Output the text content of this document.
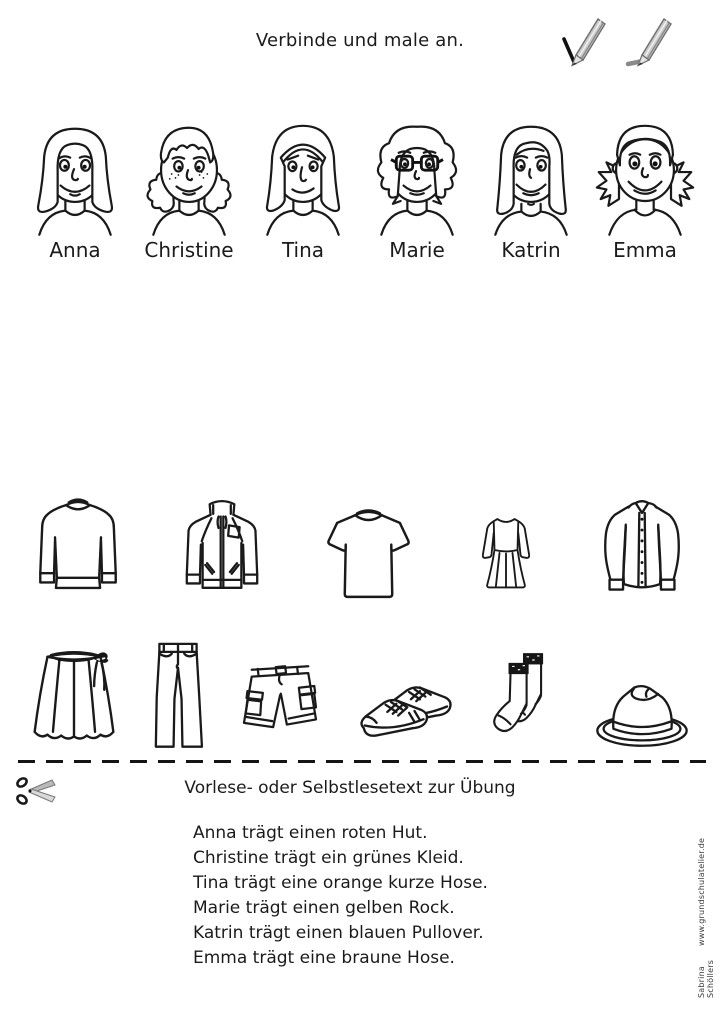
Verbinde und male an.
Anna Christine Tina	Marie	Katrin	Emma
Vorlese- oder Selbstlesetext zur Übung

Anna trägt einen roten Hut.

Christine trägt ein grünes Kleid.

Tina trägt eine orange kurze Hose.

Marie trägt einen gelben Rock.

Katrin trägt einen blauen Pullover.

Emma trägt eine braune Hose.

Sabrina Schöllers
www.grundschulatelier.de
